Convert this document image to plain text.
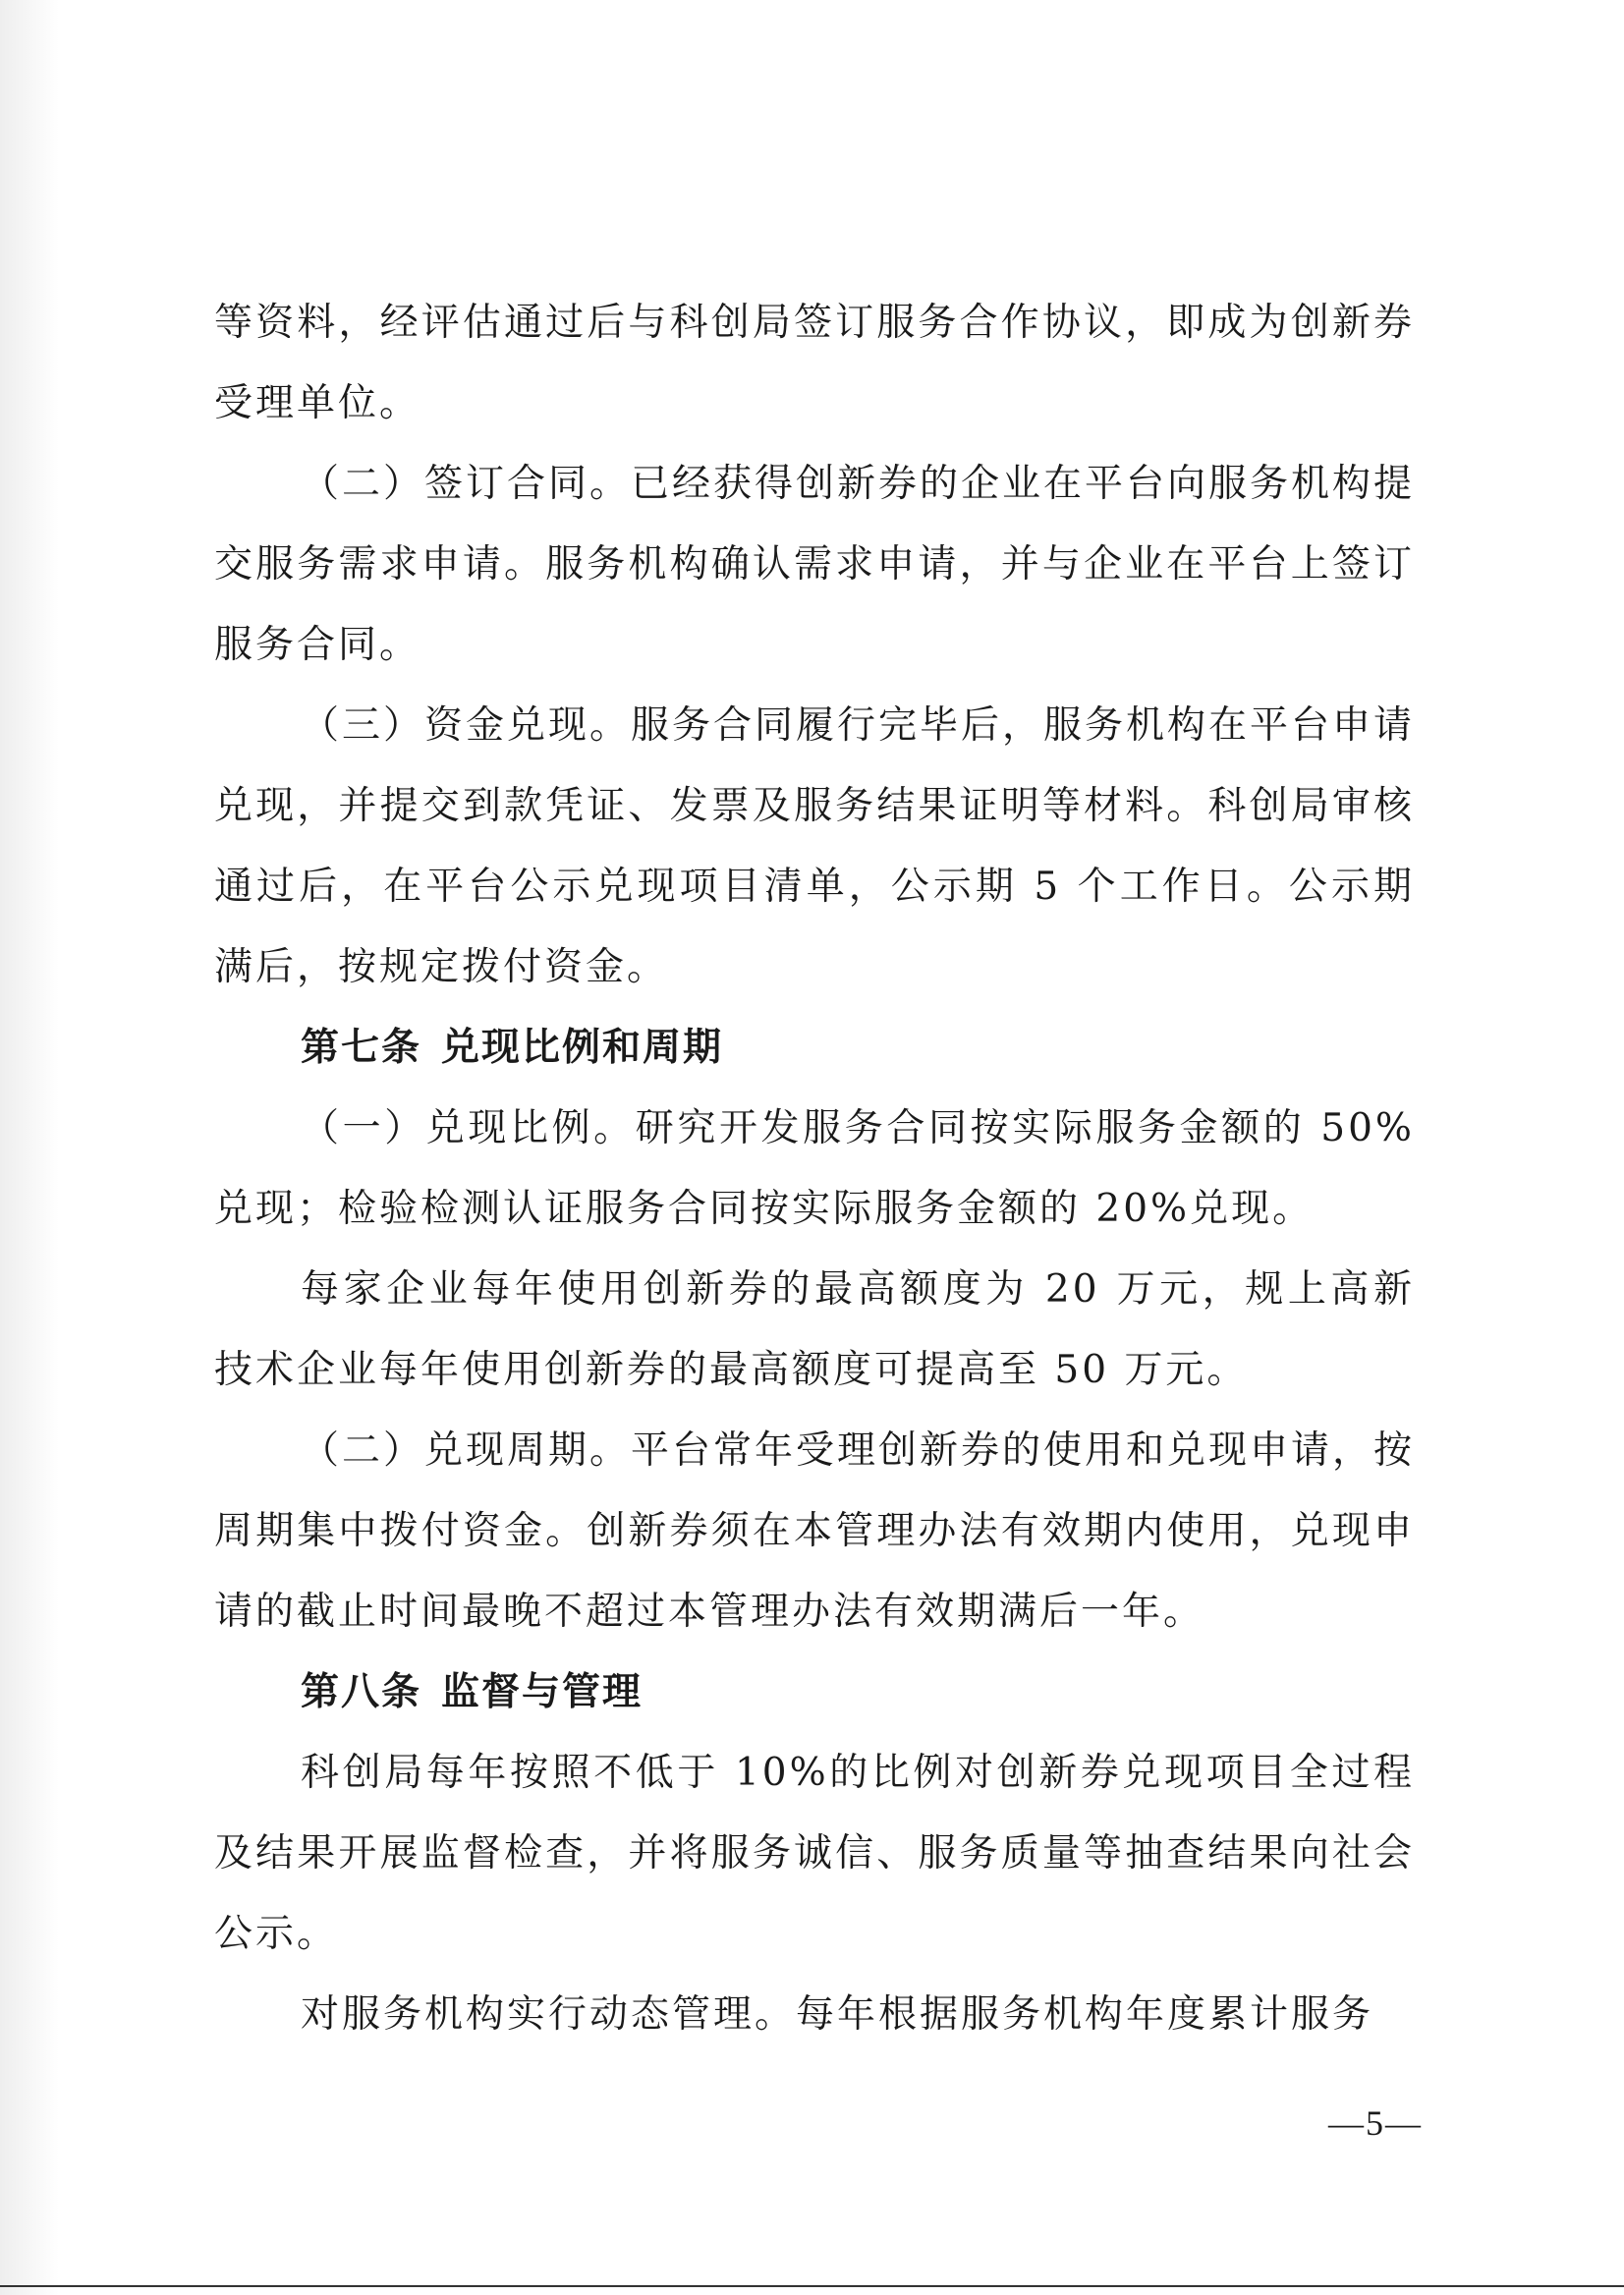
等资料，经评估通过后与科创局签订服务合作协议，即成为创新券受理单位。

（二）签订合同。已经获得创新券的企业在平台向服务机构提交服务需求申请。服务机构确认需求申请，并与企业在平台上签订服务合同。

（三）资金兑现。服务合同履行完毕后，服务机构在平台申请兑现，并提交到款凭证、发票及服务结果证明等材料。科创局审核通过后，在平台公示兑现项目清单，公示期 5 个工作日。公示期满后，按规定拨付资金。

第七条 兑现比例和周期

（一）兑现比例。研究开发服务合同按实际服务金额的 50%兑现；检验检测认证服务合同按实际服务金额的 20%兑现。

每家企业每年使用创新券的最高额度为 20 万元，规上高新技术企业每年使用创新券的最高额度可提高至 50 万元。

（二）兑现周期。平台常年受理创新券的使用和兑现申请，按周期集中拨付资金。创新券须在本管理办法有效期内使用，兑现申请的截止时间最晚不超过本管理办法有效期满后一年。

第八条 监督与管理

科创局每年按照不低于 10%的比例对创新券兑现项目全过程及结果开展监督检查，并将服务诚信、服务质量等抽查结果向社会公示。

对服务机构实行动态管理。每年根据服务机构年度累计服务

—5—
